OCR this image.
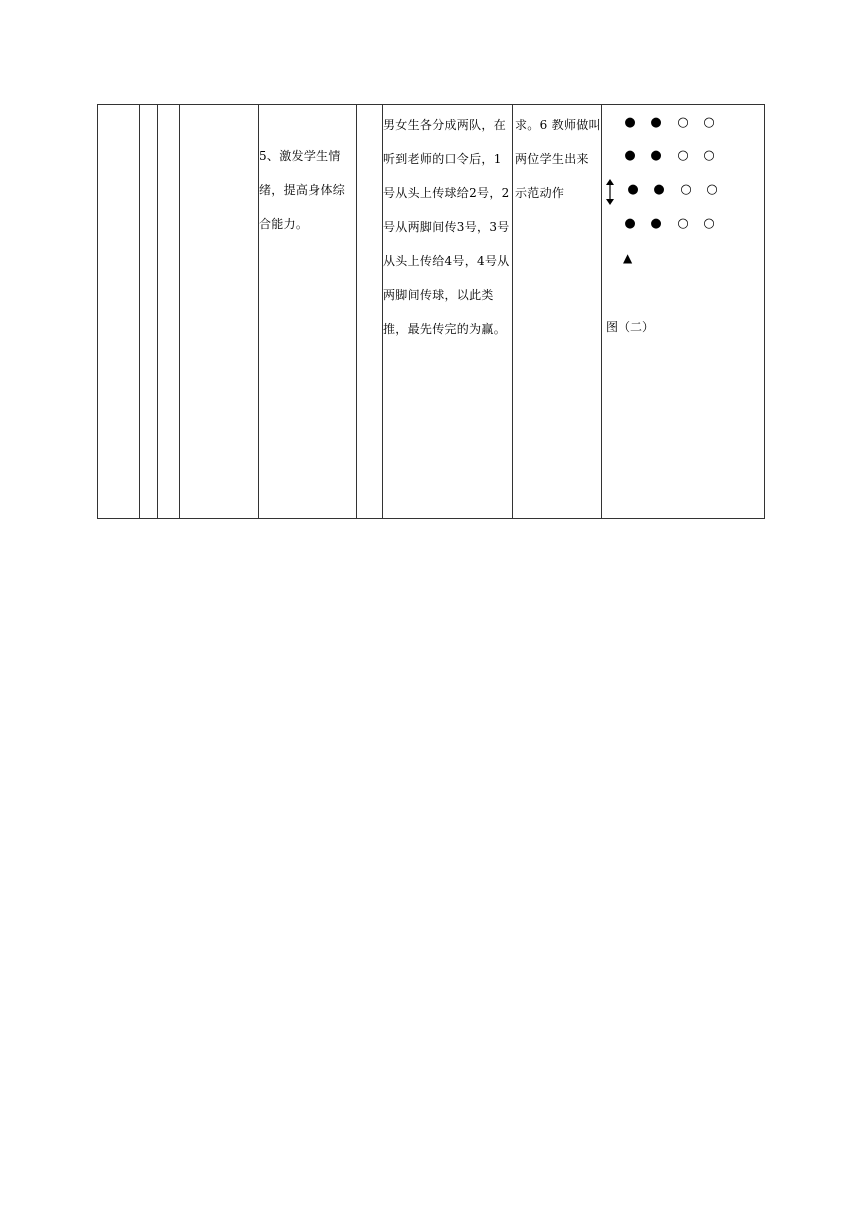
5、激发学生情绪，提高身体综合能力。

男女生各分成两队，在听到老师的口令后，1号从头上传球给2号，2号从两脚间传3号，3号从头上传给4号，4号从两脚间传球，以此类推，最先传完的为赢。

求。6 教师做叫两位学生出来示范动作

● ● ○ ○
● ● ○ ○
● ● ○ ○
● ● ○ ○
▲
图（二）
